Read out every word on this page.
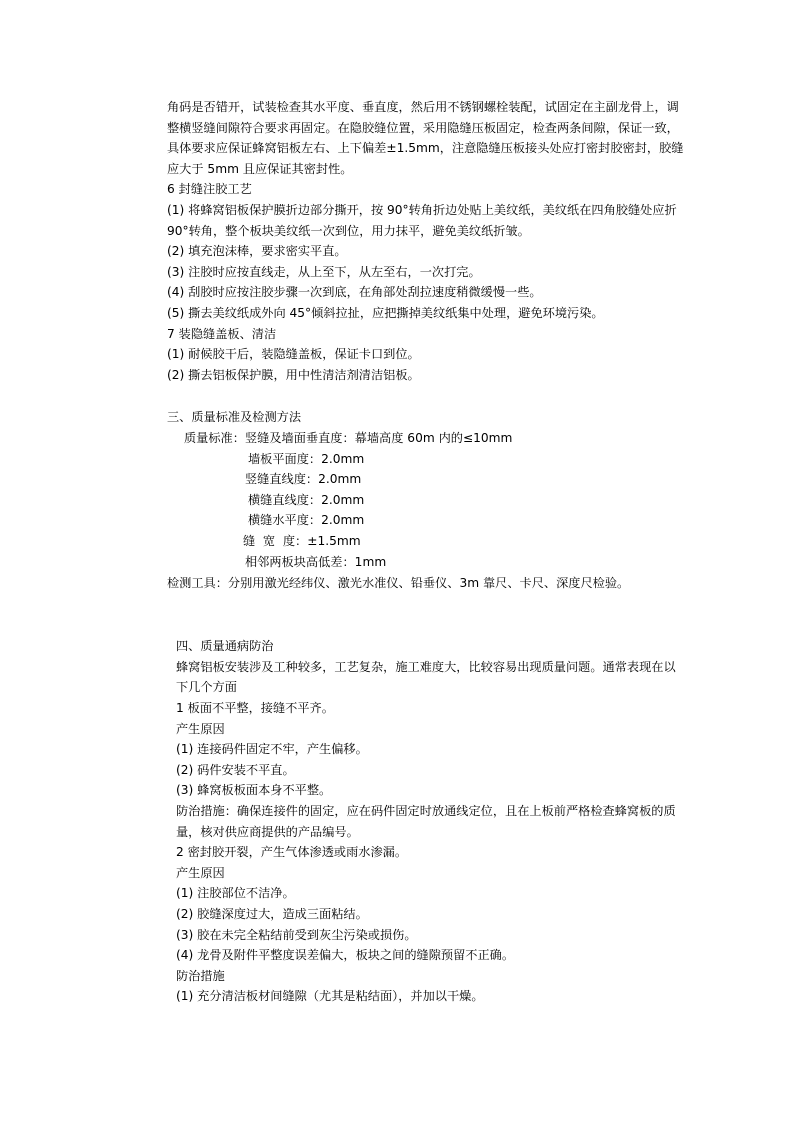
角码是否错开，试装检查其水平度、垂直度，然后用不锈钢螺栓装配，试固定在主副龙骨上，调
整横竖缝间隙符合要求再固定。在隐胶缝位置，采用隐缝压板固定，检查两条间隙，保证一致，
具体要求应保证蜂窝铝板左右、上下偏差±1.5mm，注意隐缝压板接头处应打密封胶密封，胶缝
应大于 5mm 且应保证其密封性。
6 封缝注胶工艺
(1) 将蜂窝铝板保护膜折边部分撕开，按 90°转角折边处贴上美纹纸，美纹纸在四角胶缝处应折
90°转角，整个板块美纹纸一次到位，用力抹平，避免美纹纸折皱。
(2) 填充泡沫棒，要求密实平直。
(3) 注胶时应按直线走，从上至下，从左至右，一次打完。
(4) 刮胶时应按注胶步骤一次到底，在角部处刮拉速度稍微缓慢一些。
(5) 撕去美纹纸成外向 45°倾斜拉扯，应把撕掉美纹纸集中处理，避免环境污染。
7 装隐缝盖板、清洁
(1) 耐候胶干后，装隐缝盖板，保证卡口到位。
(2) 撕去铝板保护膜，用中性清洁剂清洁铝板。
三、质量标准及检测方法
质量标准： 竖缝及墙面垂直度：幕墙高度 60m 内的≤10mm
墙板平面度：2.0mm
竖缝直线度：2.0mm
横缝直线度：2.0mm
横缝水平度：2.0mm
缝  宽  度：±1.5mm
相邻两板块高低差：1mm
检测工具：分别用激光经纬仪、激光水准仪、铅垂仪、3m 靠尺、卡尺、深度尺检验。
四、质量通病防治
蜂窝铝板安装涉及工种较多，工艺复杂，施工难度大，比较容易出现质量问题。通常表现在以
下几个方面
1 板面不平整，接缝不平齐。
产生原因
(1) 连接码件固定不牢，产生偏移。
(2) 码件安装不平直。
(3) 蜂窝板板面本身不平整。
防治措施：确保连接件的固定，应在码件固定时放通线定位，且在上板前严格检查蜂窝板的质
量，核对供应商提供的产品编号。
2 密封胶开裂，产生气体渗透或雨水渗漏。
产生原因
(1) 注胶部位不洁净。
(2) 胶缝深度过大，造成三面粘结。
(3) 胶在未完全粘结前受到灰尘污染或损伤。
(4) 龙骨及附件平整度误差偏大，板块之间的缝隙预留不正确。
防治措施
(1) 充分清洁板材间缝隙（尤其是粘结面），并加以干燥。
